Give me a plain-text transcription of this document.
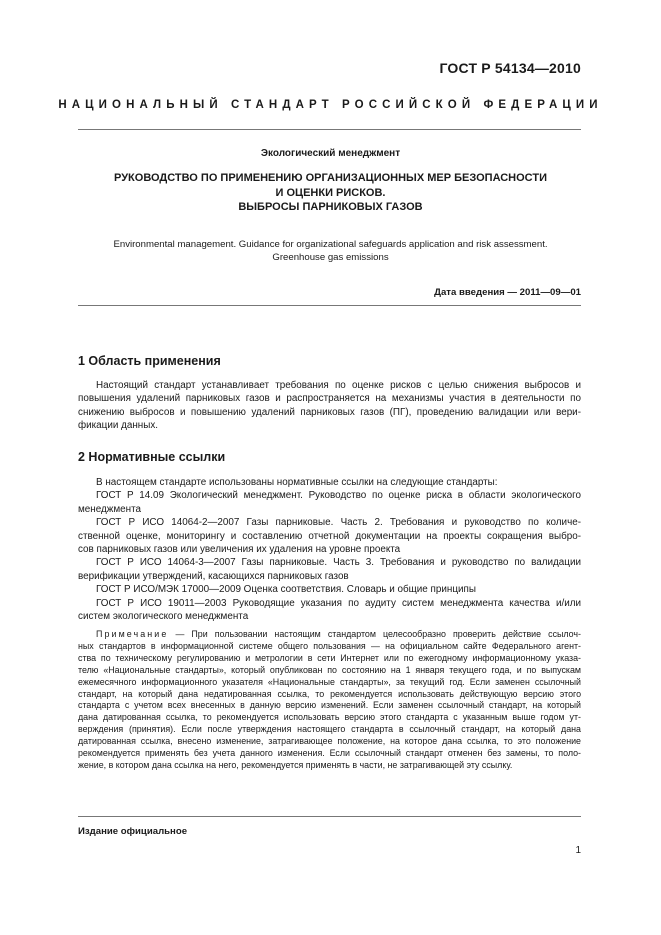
ГОСТ Р 54134—2010
НАЦИОНАЛЬНЫЙ СТАНДАРТ РОССИЙСКОЙ ФЕДЕРАЦИИ
Экологический менеджмент
РУКОВОДСТВО ПО ПРИМЕНЕНИЮ ОРГАНИЗАЦИОННЫХ МЕР БЕЗОПАСНОСТИ
И ОЦЕНКИ РИСКОВ.
ВЫБРОСЫ ПАРНИКОВЫХ ГАЗОВ
Environmental management. Guidance for organizational safeguards application and risk assessment.
Greenhouse gas emissions
Дата введения — 2011—09—01
1 Область применения
Настоящий стандарт устанавливает требования по оценке рисков с целью снижения выбросов и
повышения удалений парниковых газов и распространяется на механизмы участия в деятельности по
снижению выбросов и повышению удалений парниковых газов (ПГ), проведению валидации или вери-
фикации данных.
2 Нормативные ссылки
В настоящем стандарте использованы нормативные ссылки на следующие стандарты:
ГОСТ Р 14.09 Экологический менеджмент. Руководство по оценке риска в области экологического
менеджмента
ГОСТ Р ИСО 14064-2—2007 Газы парниковые. Часть 2. Требования и руководство по количе-
ственной оценке, мониторингу и составлению отчетной документации на проекты сокращения выбро-
сов парниковых газов или увеличения их удаления на уровне проекта
ГОСТ Р ИСО 14064-3—2007 Газы парниковые. Часть 3. Требования и руководство по валидации
верификации утверждений, касающихся парниковых газов
ГОСТ Р ИСО/МЭК 17000—2009 Оценка соответствия. Словарь и общие принципы
ГОСТ Р ИСО 19011—2003 Руководящие указания по аудиту систем менеджмента качества и/или
систем экологического менеджмента
Примечание — При пользовании настоящим стандартом целесообразно проверить действие ссылоч-
ных стандартов в информационной системе общего пользования — на официальном сайте Федерального агент-
ства по техническому регулированию и метрологии в сети Интернет или по ежегодному информационному указа-
телю «Национальные стандарты», который опубликован по состоянию на 1 января текущего года, и по выпускам
ежемесячного информационного указателя «Национальные стандарты», за текущий год. Если заменен ссылочный
стандарт, на который дана недатированная ссылка, то рекомендуется использовать действующую версию этого
стандарта с учетом всех внесенных в данную версию изменений. Если заменен ссылочный стандарт, на который
дана датированная ссылка, то рекомендуется использовать версию этого стандарта с указанным выше годом ут-
верждения (принятия). Если после утверждения настоящего стандарта в ссылочный стандарт, на который дана
датированная ссылка, внесено изменение, затрагивающее положение, на которое дана ссылка, то это положение
рекомендуется применять без учета данного изменения. Если ссылочный стандарт отменен без замены, то поло-
жение, в котором дана ссылка на него, рекомендуется применять в части, не затрагивающей эту ссылку.
Издание официальное
1
